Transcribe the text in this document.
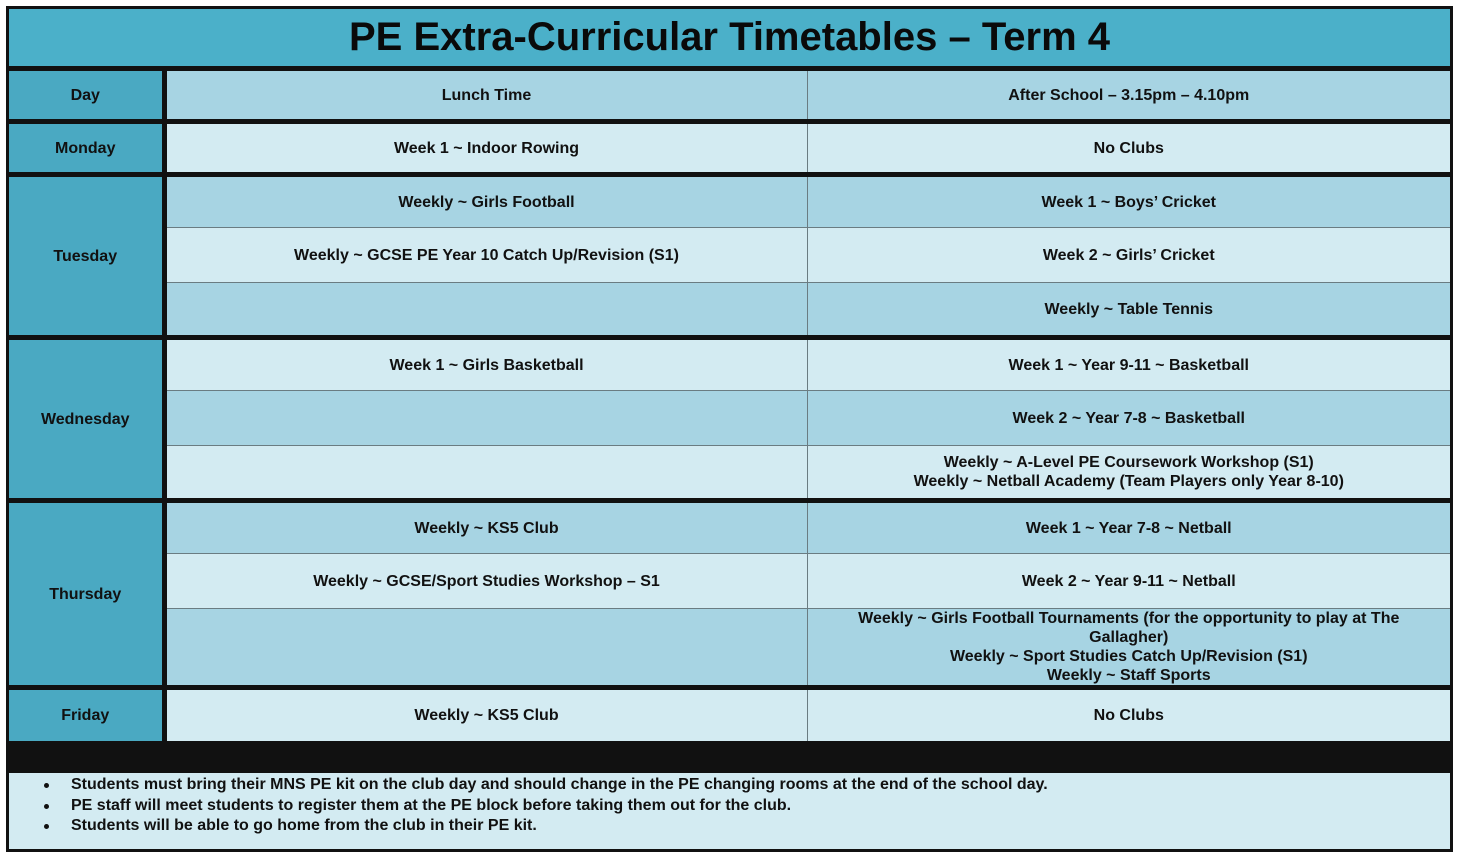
PE Extra-Curricular Timetables – Term 4
Day	Lunch Time	After School – 3.15pm – 4.10pm
Monday	Week 1 ~ Indoor Rowing	No Clubs
Tuesday	Weekly ~ Girls Football	Week 1 ~ Boys’ Cricket
	Weekly ~ GCSE PE Year 10 Catch Up/Revision (S1)	Week 2 ~ Girls’ Cricket
		Weekly ~ Table Tennis
Wednesday	Week 1 ~ Girls Basketball	Week 1 ~ Year 9-11 ~ Basketball
		Week 2 ~ Year 7-8 ~ Basketball

		Weekly ~ A-Level PE Coursework Workshop (S1)
Weekly ~ Netball Academy (Team Players only Year 8-10)

Thursday	Weekly ~ KS5 Club	Week 1 ~ Year 7-8 ~ Netball
	Weekly ~ GCSE/Sport Studies Workshop – S1	Week 2 ~ Year 9-11 ~ Netball

		Weekly ~ Girls Football Tournaments (for the opportunity to play at The
Gallagher)
Weekly ~ Sport Studies Catch Up/Revision (S1)
Weekly ~ Staff Sports

Friday	Weekly ~ KS5 Club	No Clubs
Students must bring their MNS PE kit on the club day and should change in the PE changing rooms at the end of the school day.
PE staff will meet students to register them at the PE block before taking them out for the club.
Students will be able to go home from the club in their PE kit.
